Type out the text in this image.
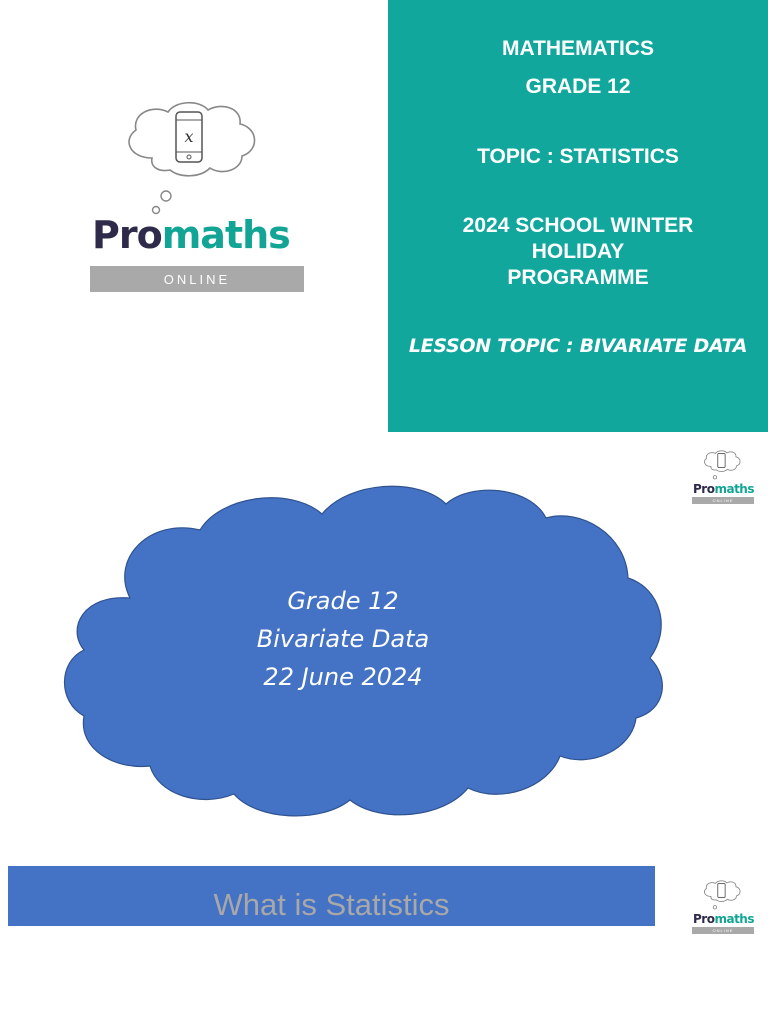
x
Promaths
ONLINE
MATHEMATICS
GRADE 12
TOPIC : STATISTICS
2024 SCHOOL WINTER
HOLIDAY
PROGRAMME
LESSON TOPIC : BIVARIATE DATA
Promaths
ONLINE
Grade 12
Bivariate Data
22 June 2024
What is Statistics	Promaths
ONLINE
